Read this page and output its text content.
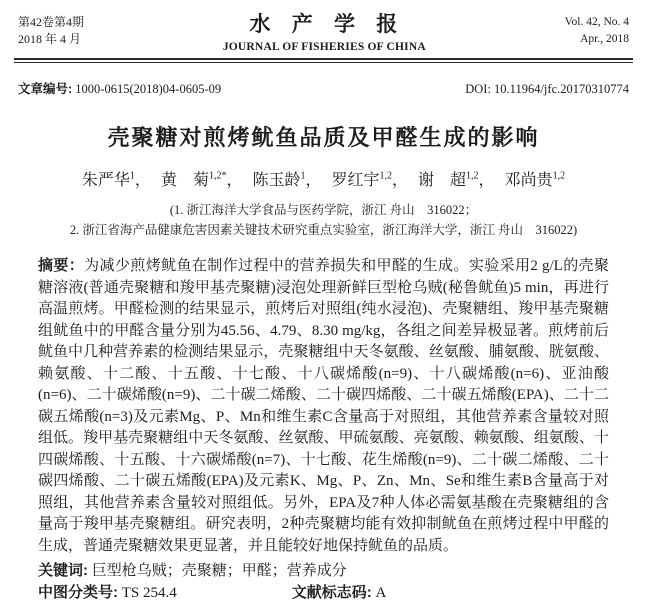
第42卷第4期
2018 年 4 月
水 产 学 报
JOURNAL OF FISHERIES OF CHINA
Vol. 42, No. 4
Apr., 2018
文章编号: 1000-0615(2018)04-0605-09	DOI: 10.11964/jfc.20170310774
壳聚糖对煎烤鱿鱼品质及甲醛生成的影响
朱严华$^1$， 黄　菊$^{1,2*}$， 陈玉龄$^1$， 罗红宇$^{1,2}$， 谢　超$^{1,2}$， 邓尚贵$^{1,2}$
(1. 浙江海洋大学食品与医药学院，浙江 舟山　316022；
2. 浙江省海产品健康危害因素关键技术研究重点实验室，浙江海洋大学，浙江 舟山　316022)
摘要：为减少煎烤鱿鱼在制作过程中的营养损失和甲醛的生成。实验采用2 g/L的壳聚糖溶液(普通壳聚糖和羧甲基壳聚糖)浸泡处理新鲜巨型枪乌贼(秘鲁鱿鱼)5 min，再进行高温煎烤。甲醛检测的结果显示，煎烤后对照组(纯水浸泡)、壳聚糖组、羧甲基壳聚糖组鱿鱼中的甲醛含量分别为45.56、4.79、8.30 mg/kg，各组之间差异极显著。煎烤前后鱿鱼中几种营养素的检测结果显示，壳聚糖组中天冬氨酸、丝氨酸、脯氨酸、胱氨酸、赖氨酸、十二酸、十五酸、十七酸、十八碳烯酸(n=9)、十八碳烯酸(n=6)、亚油酸(n=6)、二十碳烯酸(n=9)、二十碳二烯酸、二十碳四烯酸、二十碳五烯酸(EPA)、二十二碳五烯酸(n=3)及元素Mg、P、Mn和维生素C含量高于对照组，其他营养素含量较对照组低。羧甲基壳聚糖组中天冬氨酸、丝氨酸、甲硫氨酸、亮氨酸、赖氨酸、组氨酸、十四碳烯酸、十五酸、十六碳烯酸(n=7)、十七酸、花生烯酸(n=9)、二十碳二烯酸、二十碳四烯酸、二十碳五烯酸(EPA)及元素K、Mg、P、Zn、Mn、Se和维生素B含量高于对照组，其他营养素含量较对照组低。另外，EPA及7种人体必需氨基酸在壳聚糖组的含量高于羧甲基壳聚糖组。研究表明，2种壳聚糖均能有效抑制鱿鱼在煎烤过程中甲醛的生成，普通壳聚糖效果更显著，并且能较好地保持鱿鱼的品质。
关键词: 巨型枪乌贼；壳聚糖；甲醛；营养成分
中图分类号: TS 254.4	文献标志码: A
